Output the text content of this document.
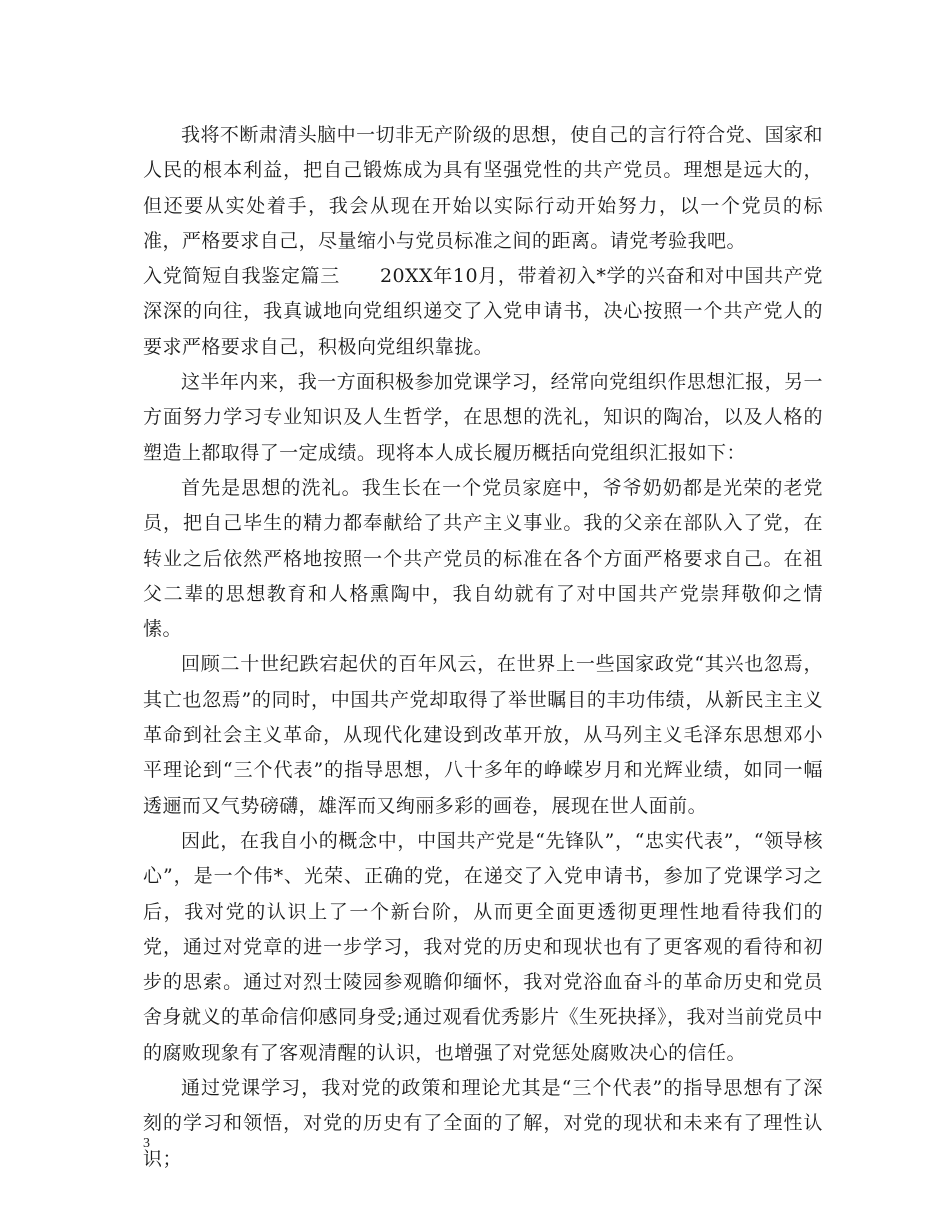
我将不断肃清头脑中一切非无产阶级的思想，使自己的言行符合党、国家和人民的根本利益，把自己锻炼成为具有坚强党性的共产党员。理想是远大的，但还要从实处着手，我会从现在开始以实际行动开始努力，以一个党员的标准，严格要求自己，尽量缩小与党员标准之间的距离。请党考验我吧。

入党简短自我鉴定篇三 20XX年10月，带着初入*学的兴奋和对中国共产党深深的向往，我真诚地向党组织递交了入党申请书，决心按照一个共产党人的要求严格要求自己，积极向党组织靠拢。

这半年内来，我一方面积极参加党课学习，经常向党组织作思想汇报，另一方面努力学习专业知识及人生哲学，在思想的洗礼，知识的陶冶，以及人格的塑造上都取得了一定成绩。现将本人成长履历概括向党组织汇报如下：

首先是思想的洗礼。我生长在一个党员家庭中，爷爷奶奶都是光荣的老党员，把自己毕生的精力都奉献给了共产主义事业。我的父亲在部队入了党，在转业之后依然严格地按照一个共产党员的标准在各个方面严格要求自己。在祖父二辈的思想教育和人格熏陶中，我自幼就有了对中国共产党崇拜敬仰之情愫。

回顾二十世纪跌宕起伏的百年风云，在世界上一些国家政党“其兴也忽焉，其亡也忽焉”的同时，中国共产党却取得了举世瞩目的丰功伟绩，从新民主主义革命到社会主义革命，从现代化建设到改革开放，从马列主义毛泽东思想邓小平理论到“三个代表”的指导思想，八十多年的峥嵘岁月和光辉业绩，如同一幅透逦而又气势磅礴，雄浑而又绚丽多彩的画卷，展现在世人面前。

因此，在我自小的概念中，中国共产党是“先锋队”，“忠实代表”，“领导核心”，是一个伟*、光荣、正确的党，在递交了入党申请书，参加了党课学习之后，我对党的认识上了一个新台阶，从而更全面更透彻更理性地看待我们的党，通过对党章的进一步学习，我对党的历史和现状也有了更客观的看待和初步的思索。通过对烈士陵园参观瞻仰缅怀，我对党浴血奋斗的革命历史和党员舍身就义的革命信仰感同身受;通过观看优秀影片《生死抉择》，我对当前党员中的腐败现象有了客观清醒的认识，也增强了对党惩处腐败决心的信任。

通过党课学习，我对党的政策和理论尤其是“三个代表”的指导思想有了深刻的学习和领悟，对党的历史有了全面的了解，对党的现状和未来有了理性认识；

3
